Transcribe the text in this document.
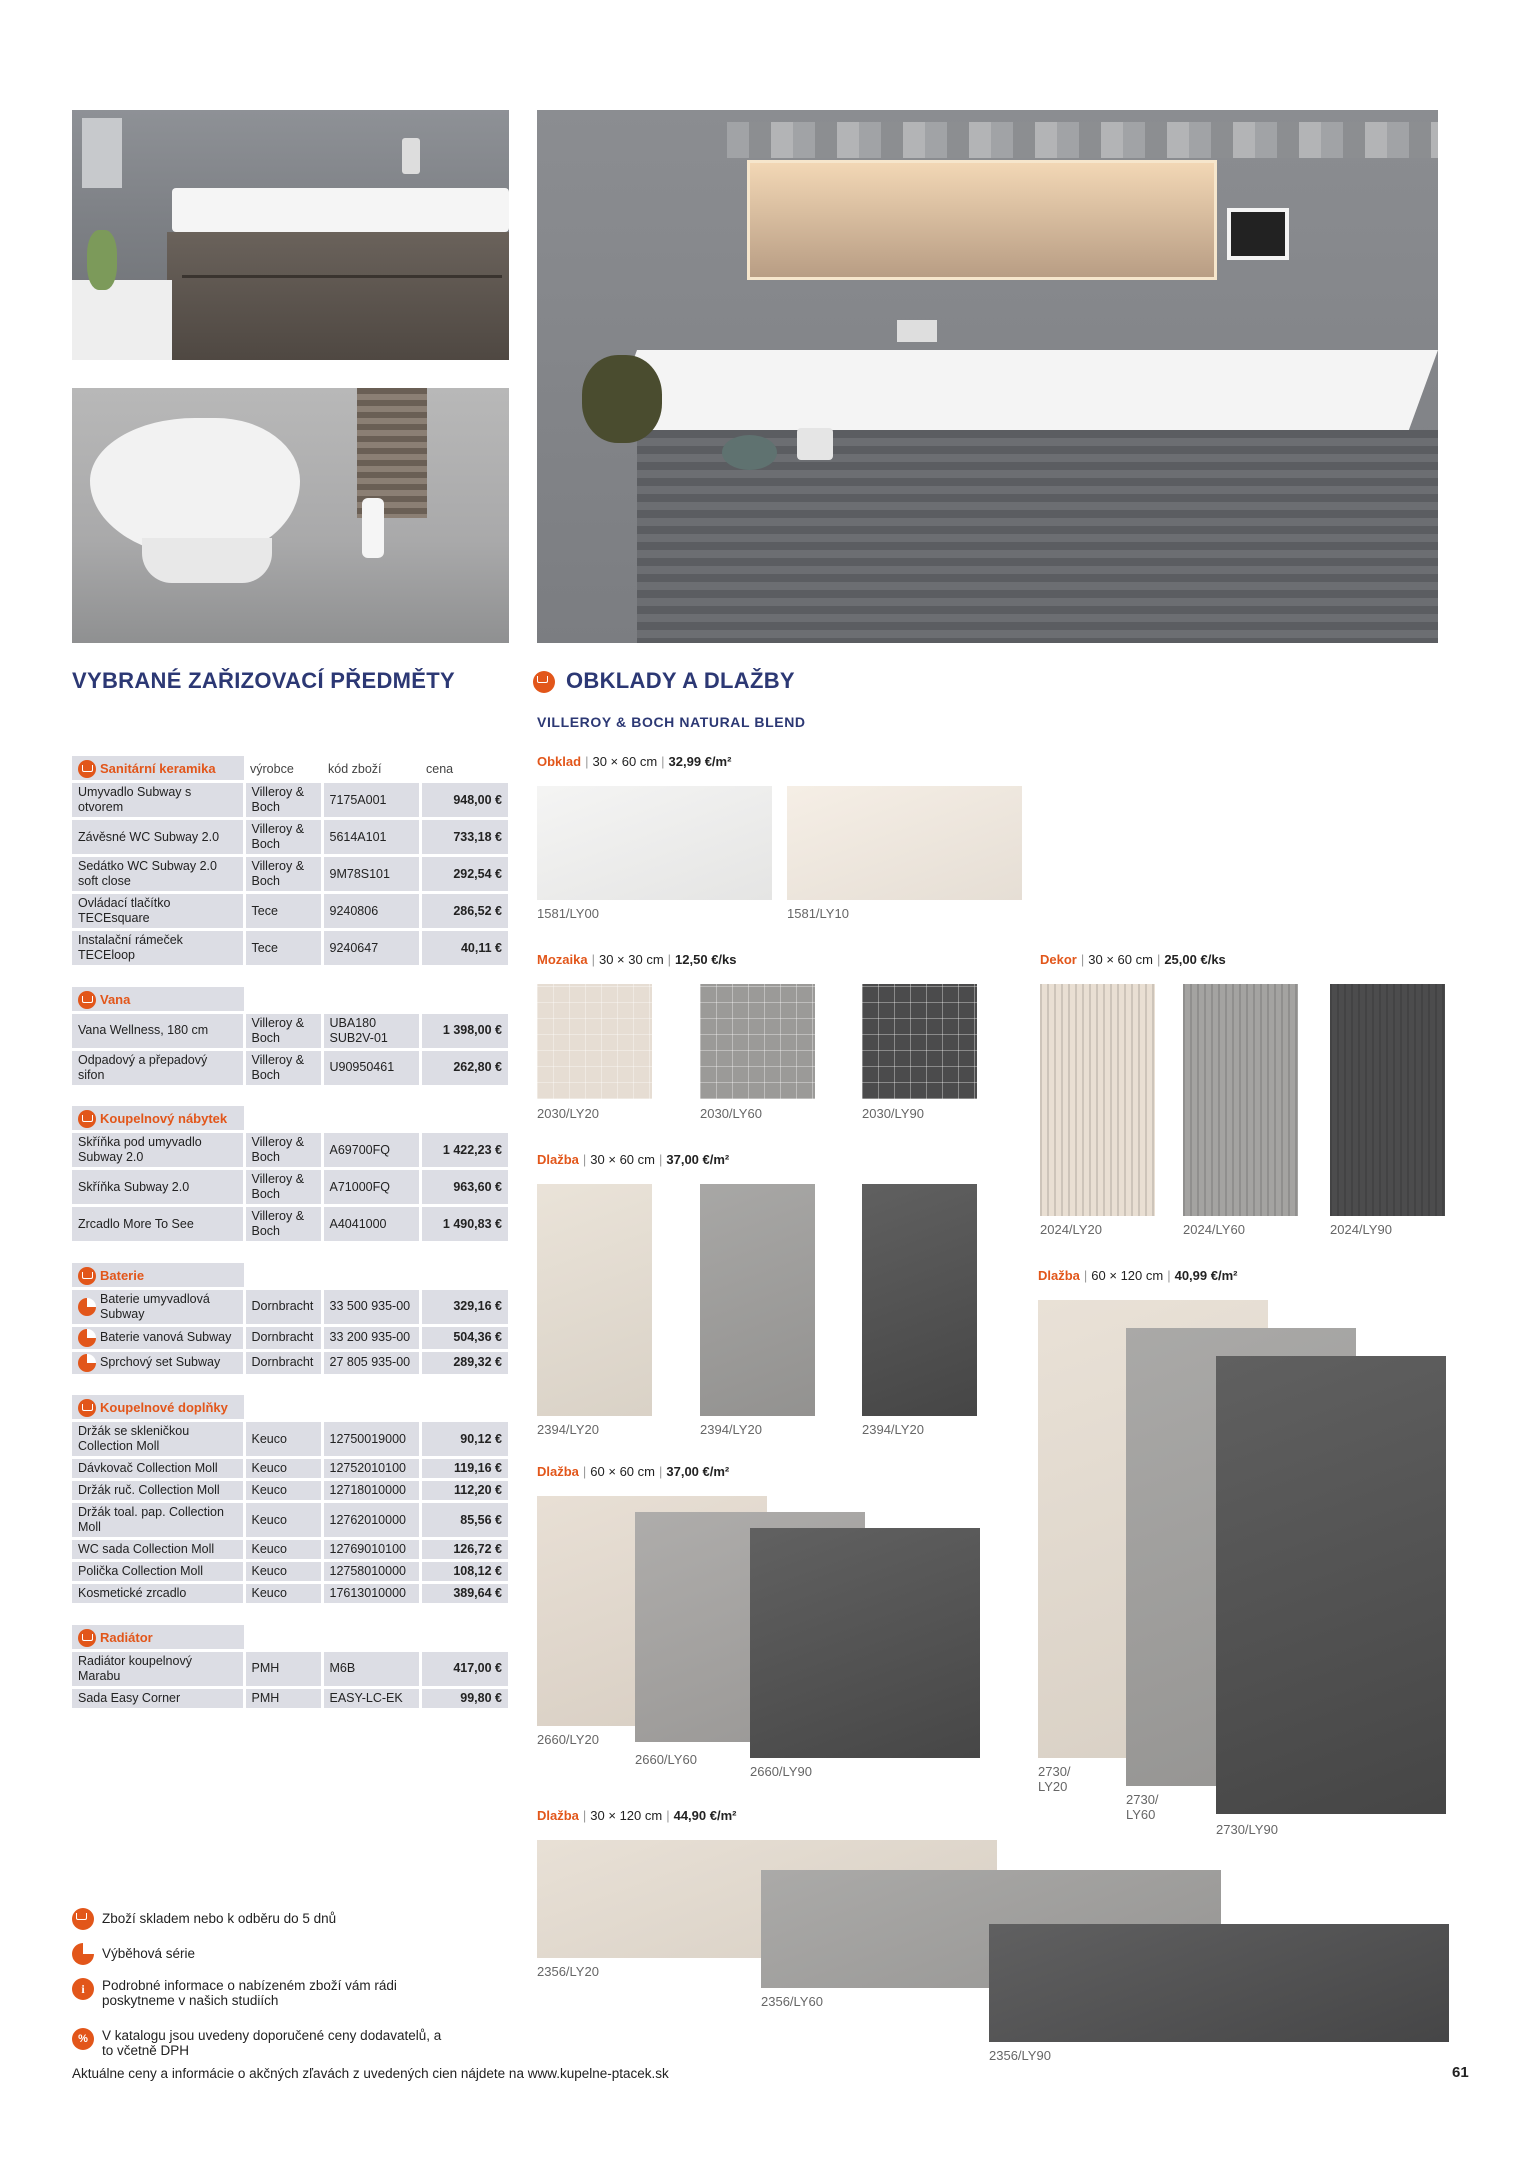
VYBRANÉ ZAŘIZOVACÍ PŘEDMĚTY	OBKLADY A DLAŽBY
VILLEROY & BOCH NATURAL BLEND
Sanitární keramika	výrobce	kód zboží	cena
Umyvadlo Subway s otvorem	Villeroy & Boch	7175A001	948,00 €
Závěsné WC Subway 2.0	Villeroy & Boch	5614A101	733,18 €
Sedátko WC Subway 2.0 soft close	Villeroy & Boch	9M78S101	292,54 €
Ovládací tlačítko TECEsquare	Tece	9240806	286,52 €
Instalační rámeček TECEloop	Tece	9240647	40,11 €

Vana			

Vana Wellness, 180 cm	Villeroy & Boch	UBA180 SUB2V-01	1 398,00 €
Odpadový a přepadový sifon	Villeroy & Boch	U90950461	262,80 €

Koupelnový nábytek			

Skříňka pod umyvadlo Subway 2.0	Villeroy & Boch	A69700FQ	1 422,23 €
Skříňka Subway 2.0	Villeroy & Boch	A71000FQ	963,60 €
Zrcadlo More To See	Villeroy & Boch	A4041000	1 490,83 €

Baterie			

Baterie umyvadlová Subway	Dornbracht	33 500 935-00	329,16 €

Baterie vanová Subway	Dornbracht	33 200 935-00	504,36 €

Sprchový set Subway	Dornbracht	27 805 935-00	289,32 €

Koupelnové doplňky			

Držák se skleničkou Collection Moll	Keuco	12750019000	90,12 €
Dávkovač Collection Moll	Keuco	12752010100	119,16 €
Držák ruč. Collection Moll	Keuco	12718010000	112,20 €
Držák toal. pap. Collection Moll	Keuco	12762010000	85,56 €
WC sada Collection Moll	Keuco	12769010100	126,72 €
Polička Collection Moll	Keuco	12758010000	108,12 €
Kosmetické zrcadlo	Keuco	17613010000	389,64 €

Radiátor			

Radiátor koupelnový Marabu	PMH	M6B	417,00 €
Sada Easy Corner	PMH	EASY-LC-EK	99,80 €
Zboží skladem nebo k odběru do 5 dnů
Výběhová série
i
Podrobné informace o nabízeném zboží vám rádi poskytneme v našich studiích
%
V katalogu jsou uvedeny doporučené ceny dodavatelů, a to včetně DPH
Obklad | 30 × 60 cm | 32,99 €/m²
1581/LY00	1581/LY10
Mozaika | 30 × 30 cm | 12,50 €/ks
2030/LY20	2030/LY60	2030/LY90
Dekor | 30 × 60 cm | 25,00 €/ks
2024/LY20	2024/LY60	2024/LY90
Dlažba | 30 × 60 cm | 37,00 €/m²
2394/LY20	2394/LY20	2394/LY20
Dlažba | 60 × 60 cm | 37,00 €/m²
2660/LY20
2660/LY60
2660/LY90
Dlažba | 60 × 120 cm | 40,99 €/m²
2730/ LY20
2730/ LY60
2730/LY90
Dlažba | 30 × 120 cm | 44,90 €/m²
2356/LY20
2356/LY60
2356/LY90
Aktuálne ceny a informácie o akčných zľavách z uvedených cien nájdete na www.kupelne-ptacek.sk	61
